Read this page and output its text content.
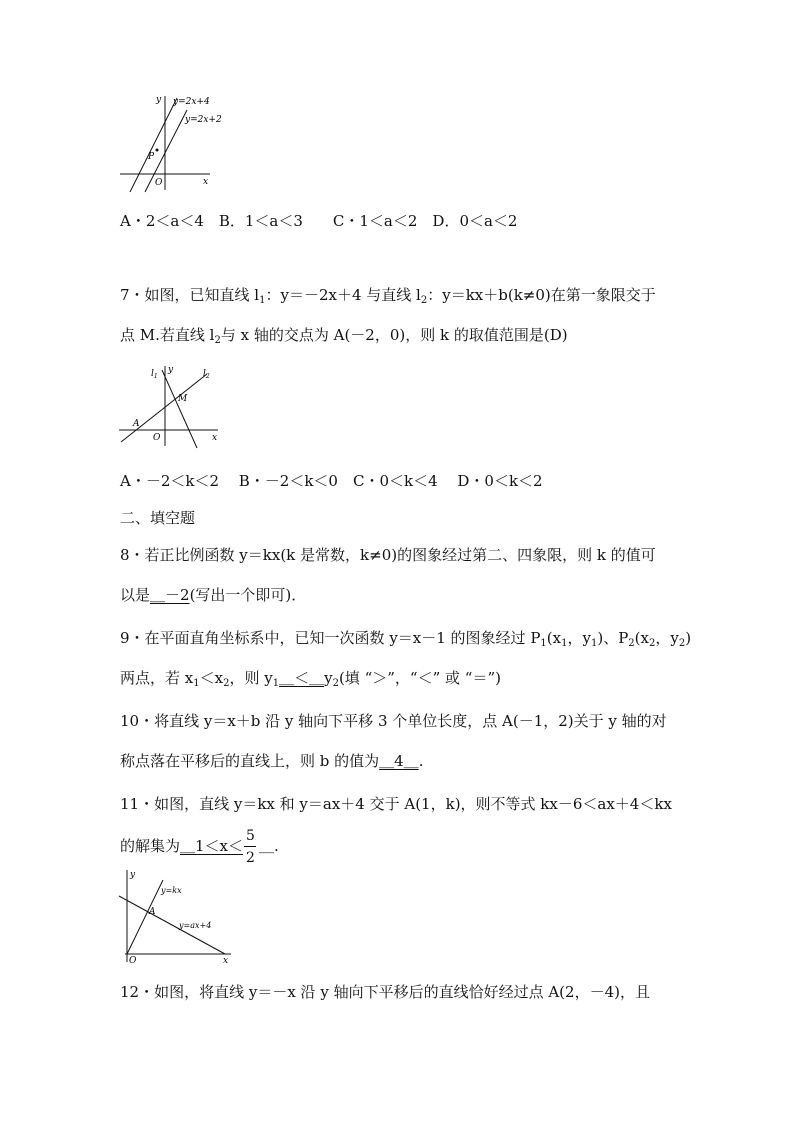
y=2x+4
y=2x+2
P
O	x
y
A・2＜a＜4　B．1＜a＜3　　C・1＜a＜2　D．0＜a＜2
7・如图，已知直线 $l_1$：y＝－2x＋4 与直线 $l_2$：y＝kx＋b(k≠0)在第一象限交于
点 M.若直线 $l_2$与 x 轴的交点为 A(－2，0)，则 k 的取值范围是(D)
$l_1$	$l_2$
M
A
O	x
y
A・－2＜k＜2　 B・－2＜k＜0　C・0＜k＜4　 D・0＜k＜2
二、填空题
8・若正比例函数 y＝kx(k 是常数，k≠0)的图象经过第二、四象限，则 k 的值可
以是＿－2(写出一个即可)．
9・在平面直角坐标系中，已知一次函数 y＝x－1 的图象经过 $P_1(x_1$，$y_1$)、$P_2(x_2$，$y_2$)
两点，若 $x_1<x_2$，则 $y_1\_<\_y_2$(填 “＞”，“＜” 或 “＝”)
10・将直线 y＝x＋b 沿 y 轴向下平移 3 个单位长度，点 A(－1，2)关于 y 轴的对
称点落在平移后的直线上，则 b 的值为＿4＿.
11・如图，直线 y＝kx 和 y＝ax＋4 交于 A(1，k)，则不等式 kx－6＜ax＋4＜kx
的解集为＿1＜x＜ $\frac{5}{2}$ ＿.
y=kx
y=ax+4
A
O	x
y
12・如图，将直线 y＝－x 沿 y 轴向下平移后的直线恰好经过点 A(2，－4)，且
